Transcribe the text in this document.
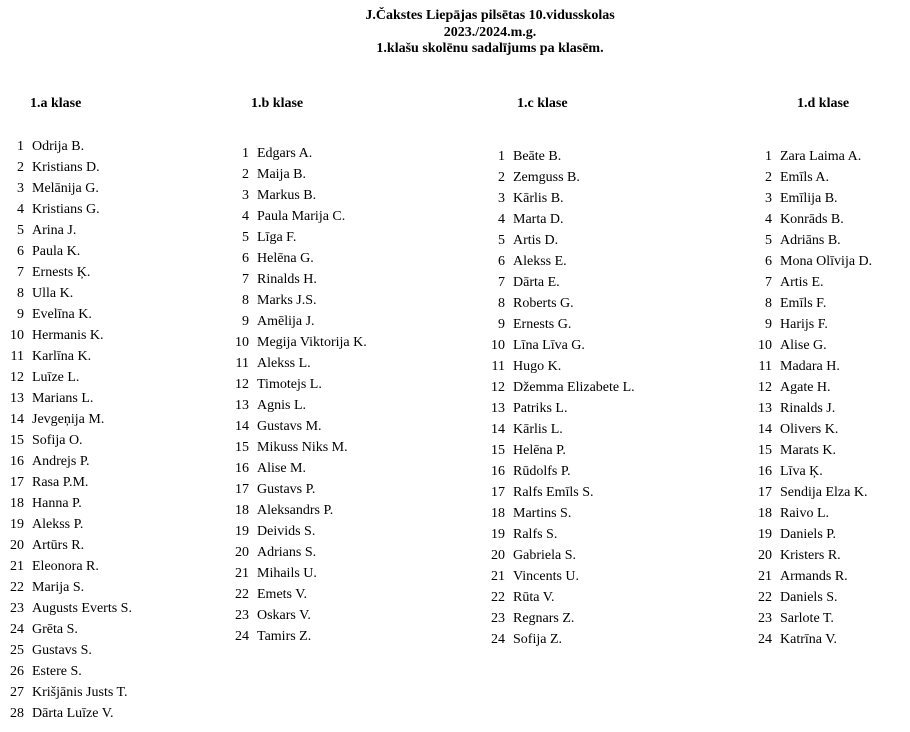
J.Čakstes Liepājas pilsētas 10.vidusskolas
2023./2024.m.g.
1.klašu skolēnu sadalījums pa klasēm.
1.a klase
1 Odrija B.
2 Kristians D.
3 Melānija G.
4 Kristians G.
5 Arina J.
6 Paula K.
7 Ernests Ķ.
8 Ulla K.
9 Evelīna K.
10 Hermanis K.
11 Karlīna K.
12 Luīze L.
13 Marians L.
14 Jevgeņija M.
15 Sofija O.
16 Andrejs P.
17 Rasa P.M.
18 Hanna P.
19 Alekss P.
20 Artūrs R.
21 Eleonora R.
22 Marija S.
23 Augusts Everts S.
24 Grēta S.
25 Gustavs S.
26 Estere S.
27 Krišjānis Justs T.
28 Dārta Luīze V.
1.b klase
1 Edgars A.
2 Maija B.
3 Markus B.
4 Paula Marija C.
5 Līga F.
6 Helēna G.
7 Rinalds H.
8 Marks J.S.
9 Amēlija J.
10 Megija Viktorija K.
11 Alekss L.
12 Timotejs L.
13 Agnis L.
14 Gustavs M.
15 Mikuss Niks M.
16 Alise M.
17 Gustavs P.
18 Aleksandrs P.
19 Deivids S.
20 Adrians S.
21 Mihails U.
22 Emets V.
23 Oskars V.
24 Tamirs Z.
1.c klase
1 Beāte B.
2 Zemguss B.
3 Kārlis B.
4 Marta D.
5 Artis D.
6 Alekss E.
7 Dārta E.
8 Roberts G.
9 Ernests G.
10 Līna Līva G.
11 Hugo K.
12 Džemma Elizabete L.
13 Patriks L.
14 Kārlis L.
15 Helēna P.
16 Rūdolfs P.
17 Ralfs Emīls S.
18 Martins S.
19 Ralfs S.
20 Gabriela S.
21 Vincents U.
22 Rūta V.
23 Regnars Z.
24 Sofija Z.
1.d klase
1 Zara Laima A.
2 Emīls A.
3 Emīlija B.
4 Konrāds B.
5 Adriāns B.
6 Mona Olīvija D.
7 Artis E.
8 Emīls F.
9 Harijs F.
10 Alise G.
11 Madara H.
12 Agate H.
13 Rinalds J.
14 Olivers K.
15 Marats K.
16 Līva Ķ.
17 Sendija Elza K.
18 Raivo L.
19 Daniels P.
20 Kristers R.
21 Armands R.
22 Daniels S.
23 Sarlote T.
24 Katrīna V.
